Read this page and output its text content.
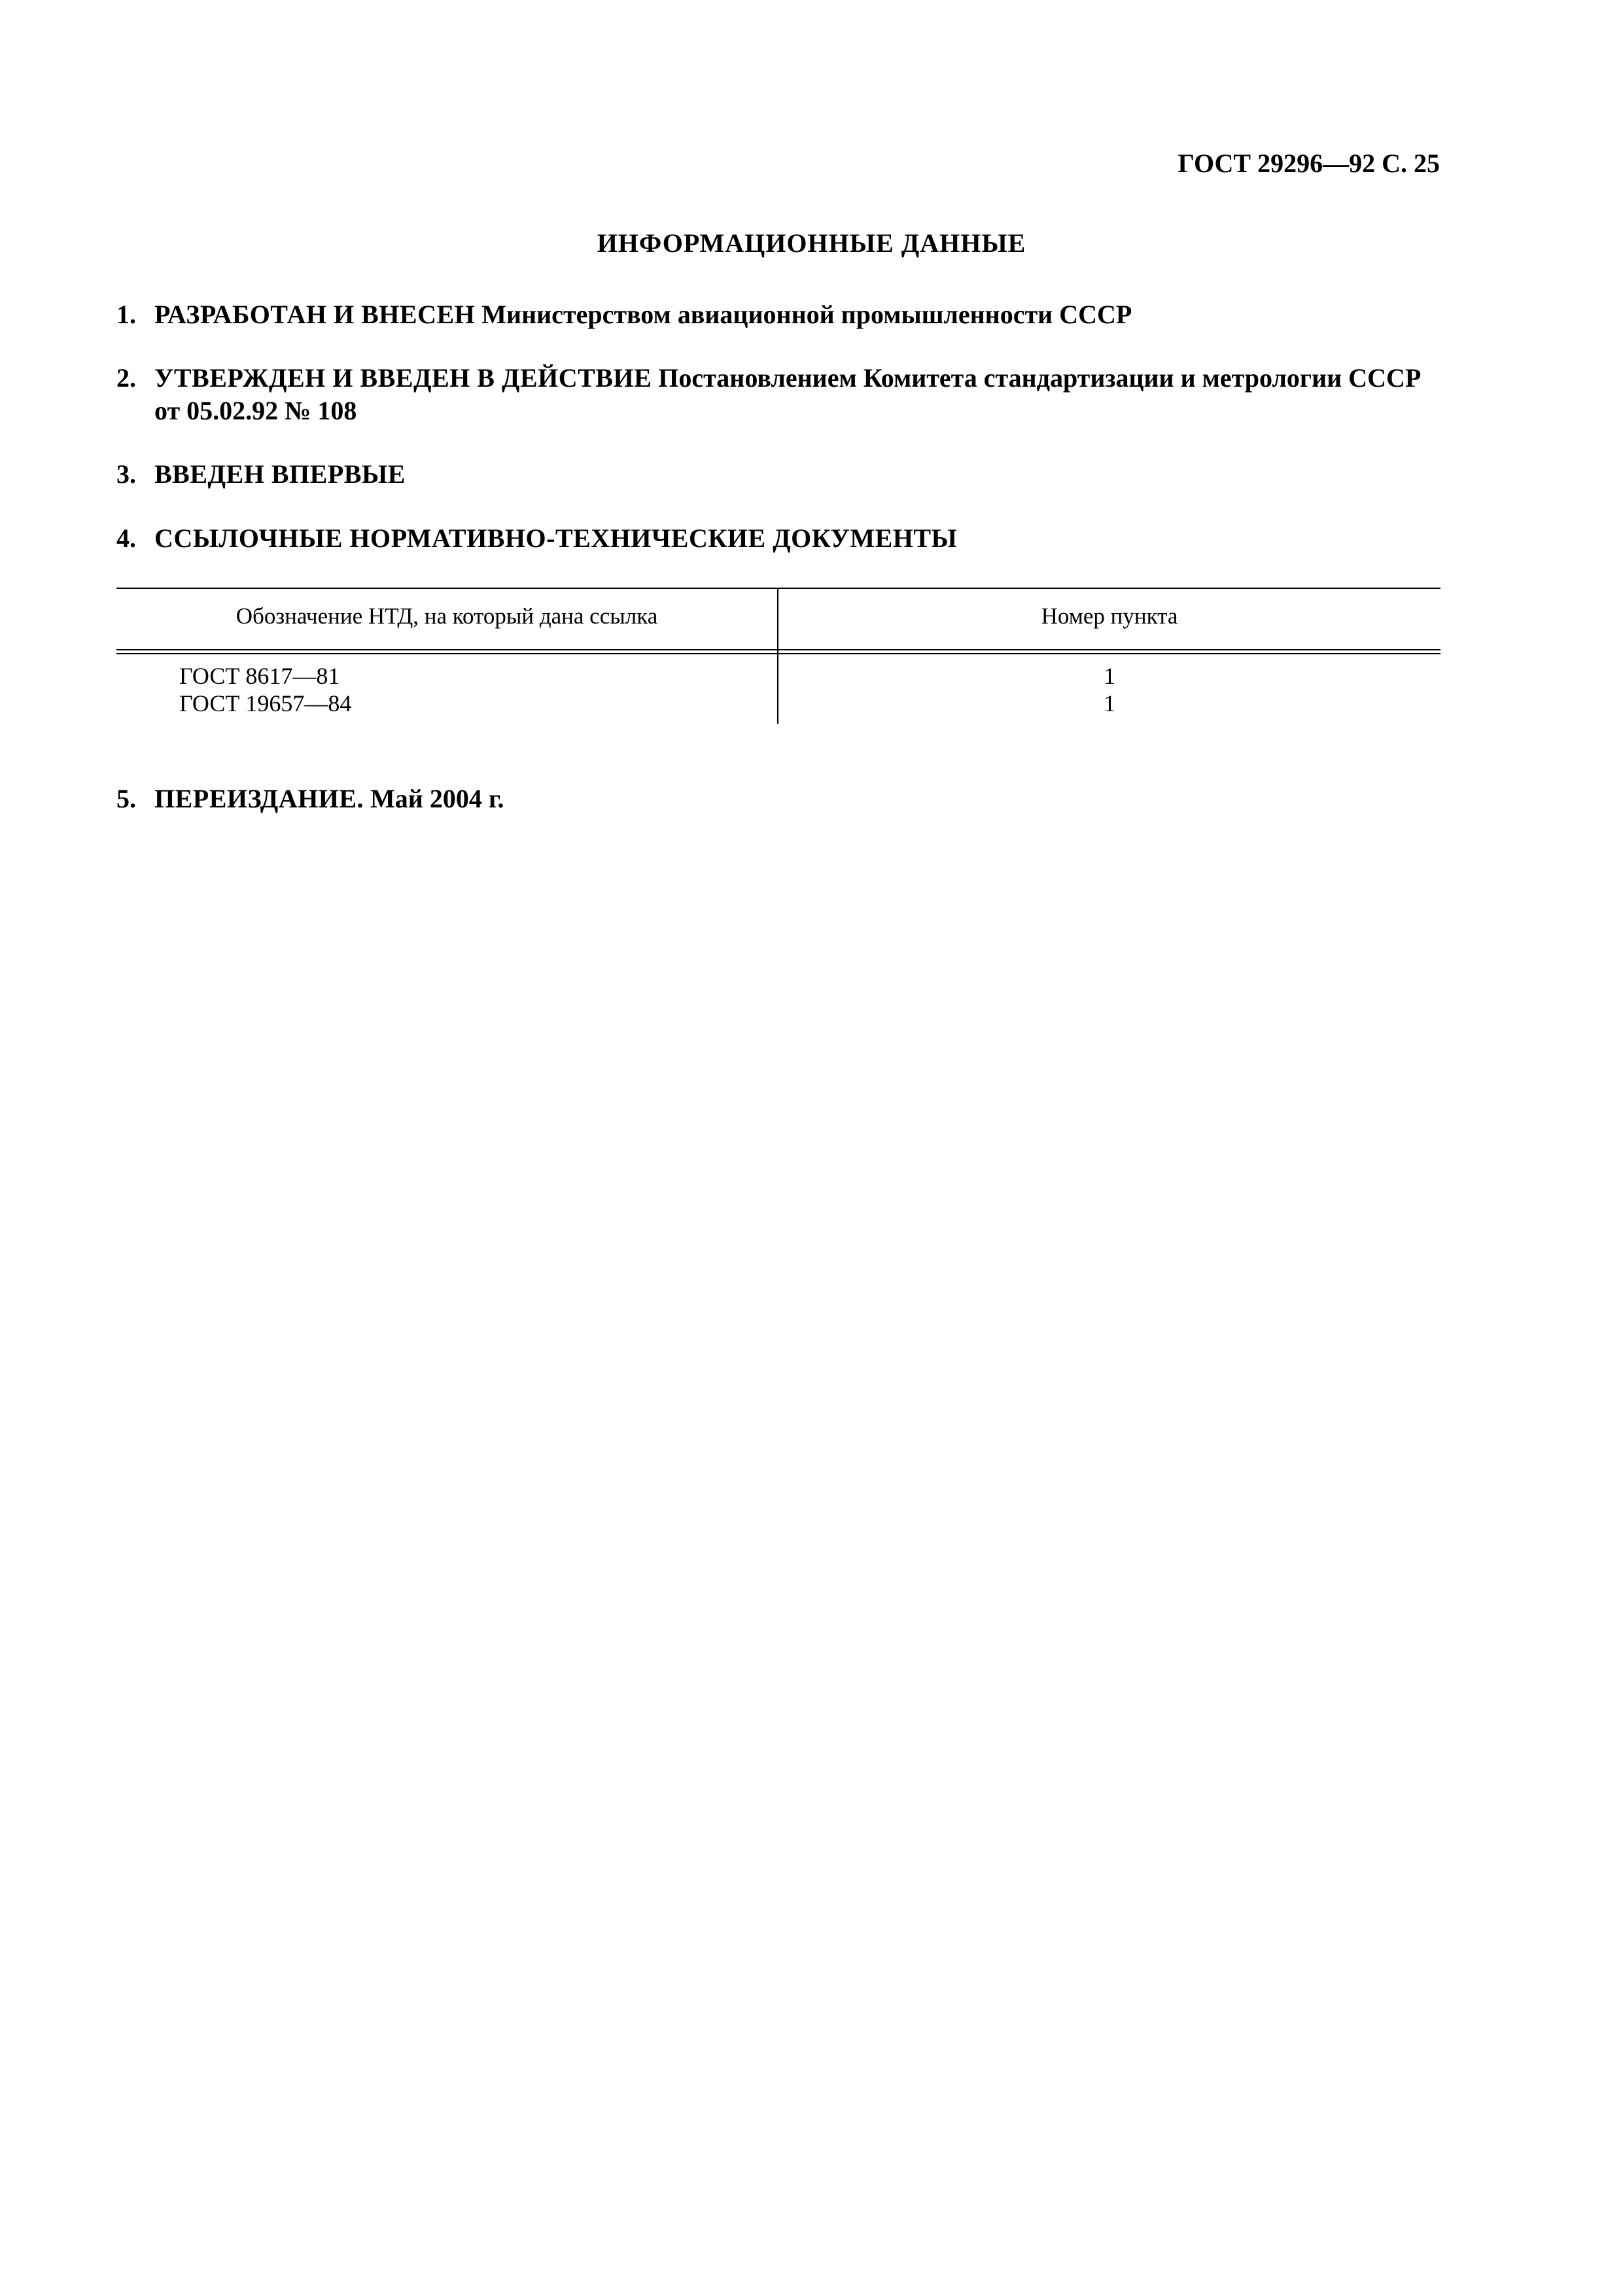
ГОСТ 29296—92 С. 25
ИНФОРМАЦИОННЫЕ ДАННЫЕ
1. РАЗРАБОТАН И ВНЕСЕН Министерством авиационной промышленности СССР
2. УТВЕРЖДЕН И ВВЕДЕН В ДЕЙСТВИЕ Постановлением Комитета стандартизации и метрологии СССР от 05.02.92 № 108
3. ВВЕДЕН ВПЕРВЫЕ
4. ССЫЛОЧНЫЕ НОРМАТИВНО-ТЕХНИЧЕСКИЕ ДОКУМЕНТЫ
Обозначение НТД, на который дана ссылка	Номер пункта
ГОСТ 8617—81	1
ГОСТ 19657—84	1
5. ПЕРЕИЗДАНИЕ. Май 2004 г.
